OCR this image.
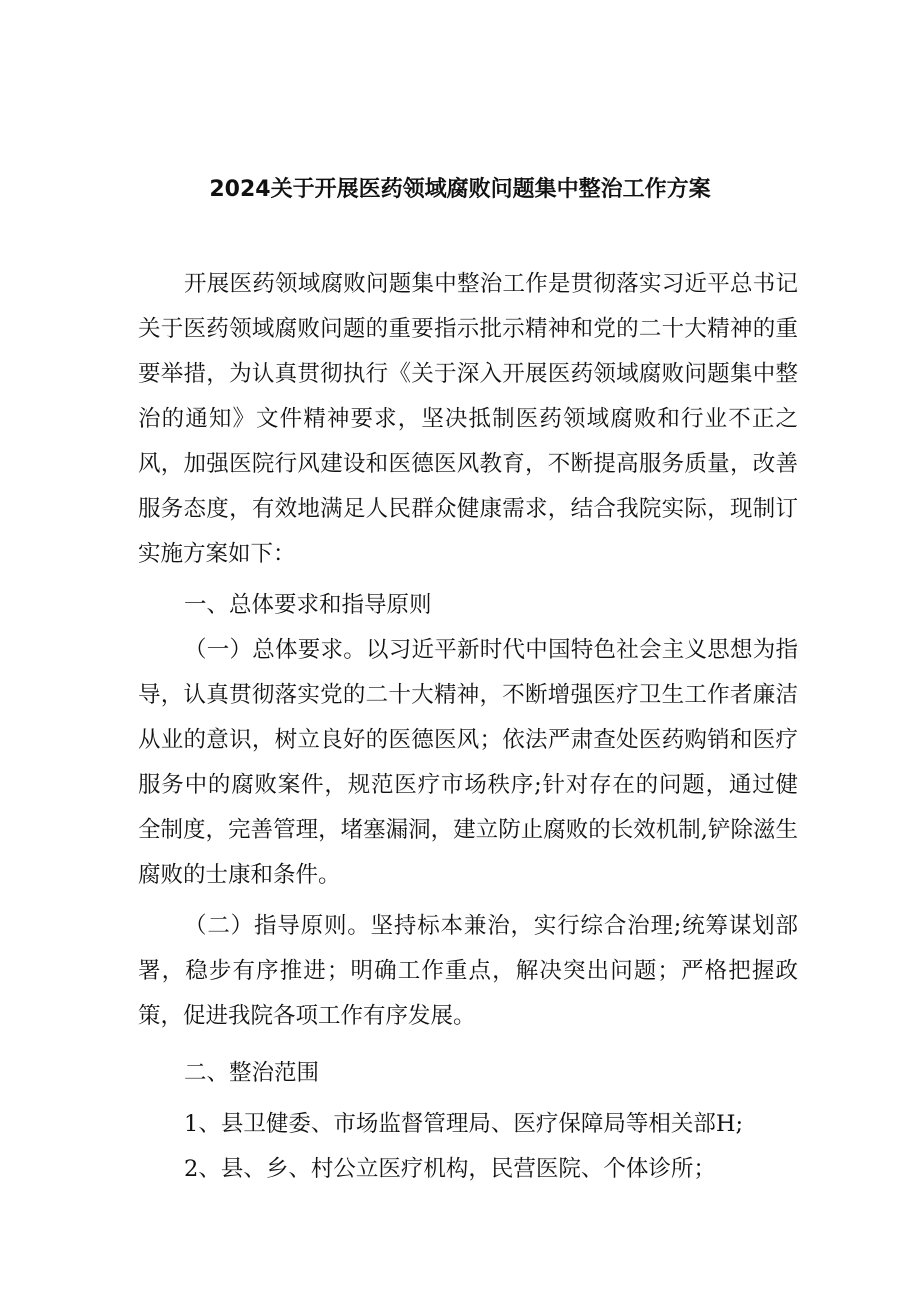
2024关于开展医药领域腐败问题集中整治工作方案

开展医药领域腐败问题集中整治工作是贯彻落实习近平总书记关于医药领域腐败问题的重要指示批示精神和党的二十大精神的重要举措，为认真贯彻执行《关于深入开展医药领域腐败问题集中整治的通知》文件精神要求，坚决抵制医药领域腐败和行业不正之风，加强医院行风建设和医德医风教育，不断提高服务质量，改善服务态度，有效地满足人民群众健康需求，结合我院实际，现制订实施方案如下：

一、总体要求和指导原则

（一）总体要求。以习近平新时代中国特色社会主义思想为指导，认真贯彻落实党的二十大精神，不断增强医疗卫生工作者廉洁从业的意识，树立良好的医德医风；依法严肃查处医药购销和医疗服务中的腐败案件，规范医疗市场秩序;针对存在的问题，通过健全制度，完善管理，堵塞漏洞，建立防止腐败的长效机制,铲除滋生腐败的士康和条件。

（二）指导原则。坚持标本兼治，实行综合治理;统筹谋划部署，稳步有序推进；明确工作重点，解决突出问题；严格把握政策，促进我院各项工作有序发展。

二、整治范围

1、县卫健委、市场监督管理局、医疗保障局等相关部H;

2、县、乡、村公立医疗机构，民营医院、个体诊所；
